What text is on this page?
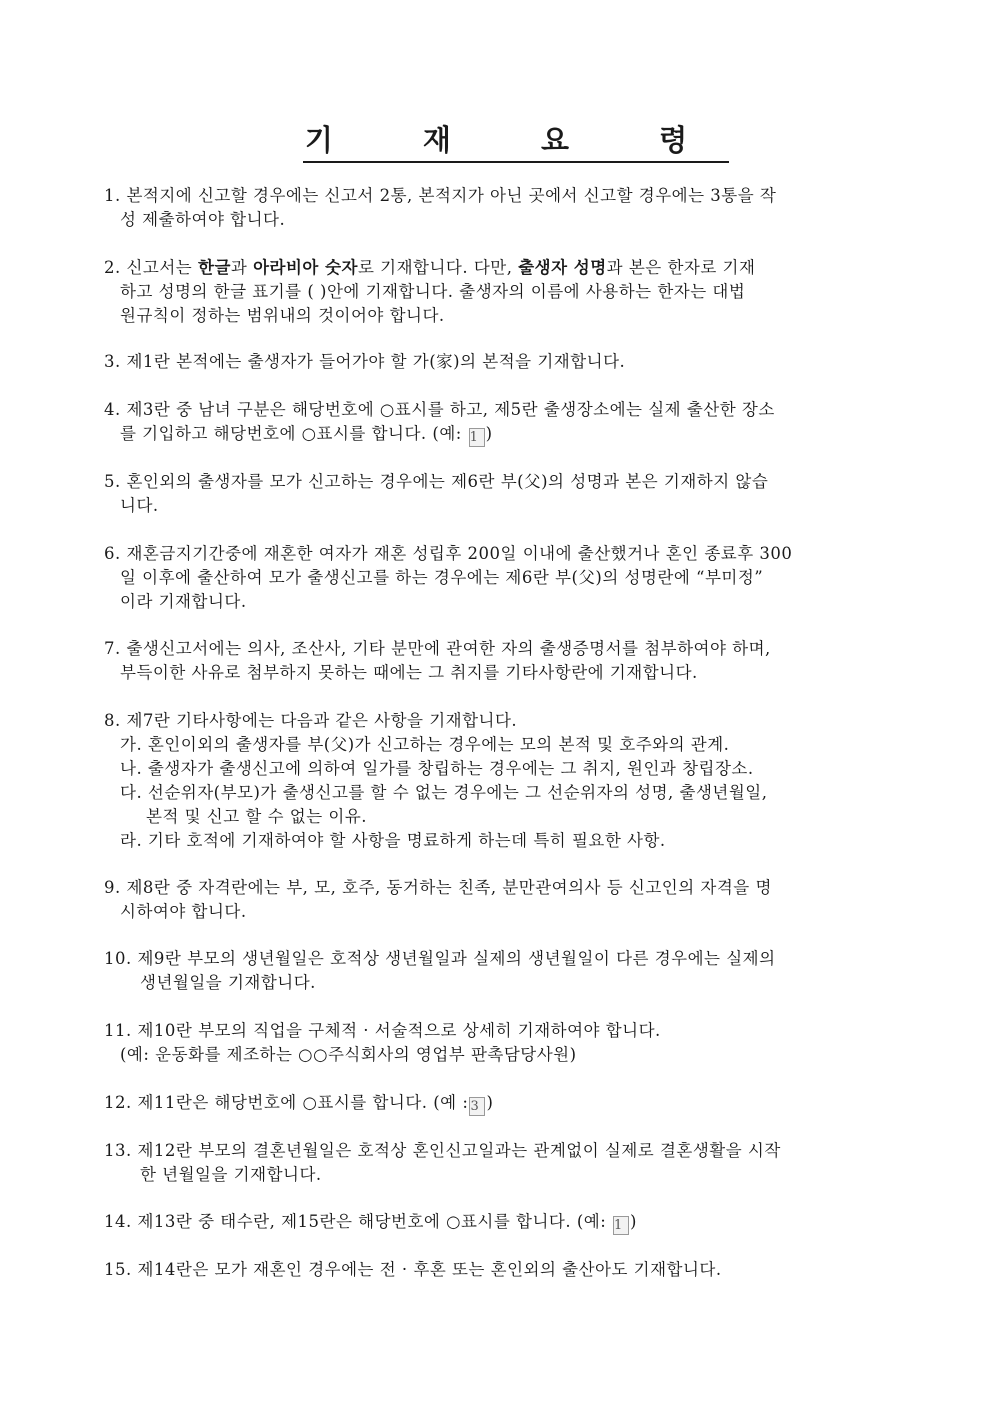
기 재 요 령

1. 본적지에 신고할 경우에는 신고서 2통, 본적지가 아닌 곳에서 신고할 경우에는 3통을 작

성 제출하여야 합니다.

2. 신고서는 한글과 아라비아 숫자로 기재합니다. 다만, 출생자 성명과 본은 한자로 기재

하고 성명의 한글 표기를 ( )안에 기재합니다. 출생자의 이름에 사용하는 한자는 대법

원규칙이 정하는 범위내의 것이어야 합니다.

3. 제1란 본적에는 출생자가 들어가야 할 가(家)의 본적을 기재합니다.

4. 제3란 중 남녀 구분은 해당번호에 ○표시를 하고, 제5란 출생장소에는 실제 출산한 장소

를 기입하고 해당번호에 ○표시를 합니다. (예: 1 )

5. 혼인외의 출생자를 모가 신고하는 경우에는 제6란 부(父)의 성명과 본은 기재하지 않습

니다.

6. 재혼금지기간중에 재혼한 여자가 재혼 성립후 200일 이내에 출산했거나 혼인 종료후 300

일 이후에 출산하여 모가 출생신고를 하는 경우에는 제6란 부(父)의 성명란에 “부미정”

이라 기재합니다.

7. 출생신고서에는 의사, 조산사, 기타 분만에 관여한 자의 출생증명서를 첨부하여야 하며,

부득이한 사유로 첨부하지 못하는 때에는 그 취지를 기타사항란에 기재합니다.

8. 제7란 기타사항에는 다음과 같은 사항을 기재합니다.

가. 혼인이외의 출생자를 부(父)가 신고하는 경우에는 모의 본적 및 호주와의 관계.

나. 출생자가 출생신고에 의하여 일가를 창립하는 경우에는 그 취지, 원인과 창립장소.

다. 선순위자(부모)가 출생신고를 할 수 없는 경우에는 그 선순위자의 성명, 출생년월일,

본적 및 신고 할 수 없는 이유.

라. 기타 호적에 기재하여야 할 사항을 명료하게 하는데 특히 필요한 사항.

9. 제8란 중 자격란에는 부, 모, 호주, 동거하는 친족, 분만관여의사 등 신고인의 자격을 명

시하여야 합니다.

10. 제9란 부모의 생년월일은 호적상 생년월일과 실제의 생년월일이 다른 경우에는 실제의

생년월일을 기재합니다.

11. 제10란 부모의 직업을 구체적 · 서술적으로 상세히 기재하여야 합니다.

(예: 운동화를 제조하는 ○○주식회사의 영업부 판촉담당사원)

12. 제11란은 해당번호에 ○표시를 합니다. (예 : 3 )

13. 제12란 부모의 결혼년월일은 호적상 혼인신고일과는 관계없이 실제로 결혼생활을 시작

한 년월일을 기재합니다.

14. 제13란 중 태수란, 제15란은 해당번호에 ○표시를 합니다. (예: 1 )

15. 제14란은 모가 재혼인 경우에는 전 · 후혼 또는 혼인외의 출산아도 기재합니다.
